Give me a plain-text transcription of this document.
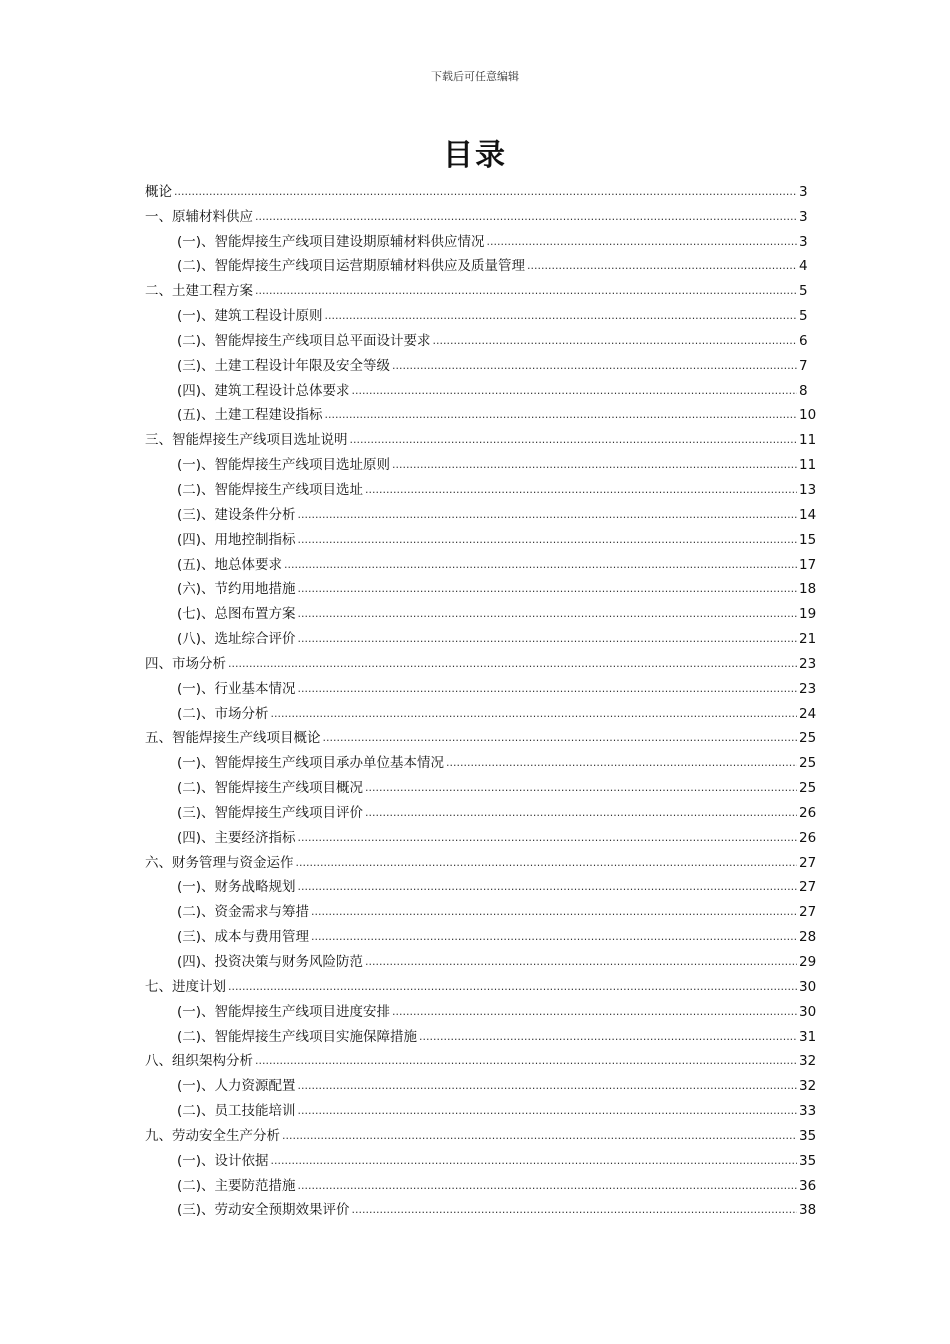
下载后可任意编辑
目录
概论 .....	3
一、原辅材料供应 .....	3
(一)、智能焊接生产线项目建设期原辅材料供应情况 .....	3
(二)、智能焊接生产线项目运营期原辅材料供应及质量管理 .....	4
二、土建工程方案 .....	5
(一)、建筑工程设计原则 .....	5
(二)、智能焊接生产线项目总平面设计要求 .....	6
(三)、土建工程设计年限及安全等级 .....	7
(四)、建筑工程设计总体要求 .....	8
(五)、土建工程建设指标 .....	10
三、智能焊接生产线项目选址说明 .....	11
(一)、智能焊接生产线项目选址原则 .....	11
(二)、智能焊接生产线项目选址 .....	13
(三)、建设条件分析 .....	14
(四)、用地控制指标 .....	15
(五)、地总体要求 .....	17
(六)、节约用地措施 .....	18
(七)、总图布置方案 .....	19
(八)、选址综合评价 .....	21
四、市场分析 .....	23
(一)、行业基本情况 .....	23
(二)、市场分析 .....	24
五、智能焊接生产线项目概论 .....	25
(一)、智能焊接生产线项目承办单位基本情况 .....	25
(二)、智能焊接生产线项目概况 .....	25
(三)、智能焊接生产线项目评价 .....	26
(四)、主要经济指标 .....	26
六、财务管理与资金运作 .....	27
(一)、财务战略规划 .....	27
(二)、资金需求与筹措 .....	27
(三)、成本与费用管理 .....	28
(四)、投资决策与财务风险防范 .....	29
七、进度计划 .....	30
(一)、智能焊接生产线项目进度安排 .....	30
(二)、智能焊接生产线项目实施保障措施 .....	31
八、组织架构分析 .....	32
(一)、人力资源配置 .....	32
(二)、员工技能培训 .....	33
九、劳动安全生产分析 .....	35
(一)、设计依据 .....	35
(二)、主要防范措施 .....	36
(三)、劳动安全预期效果评价 .....	38
